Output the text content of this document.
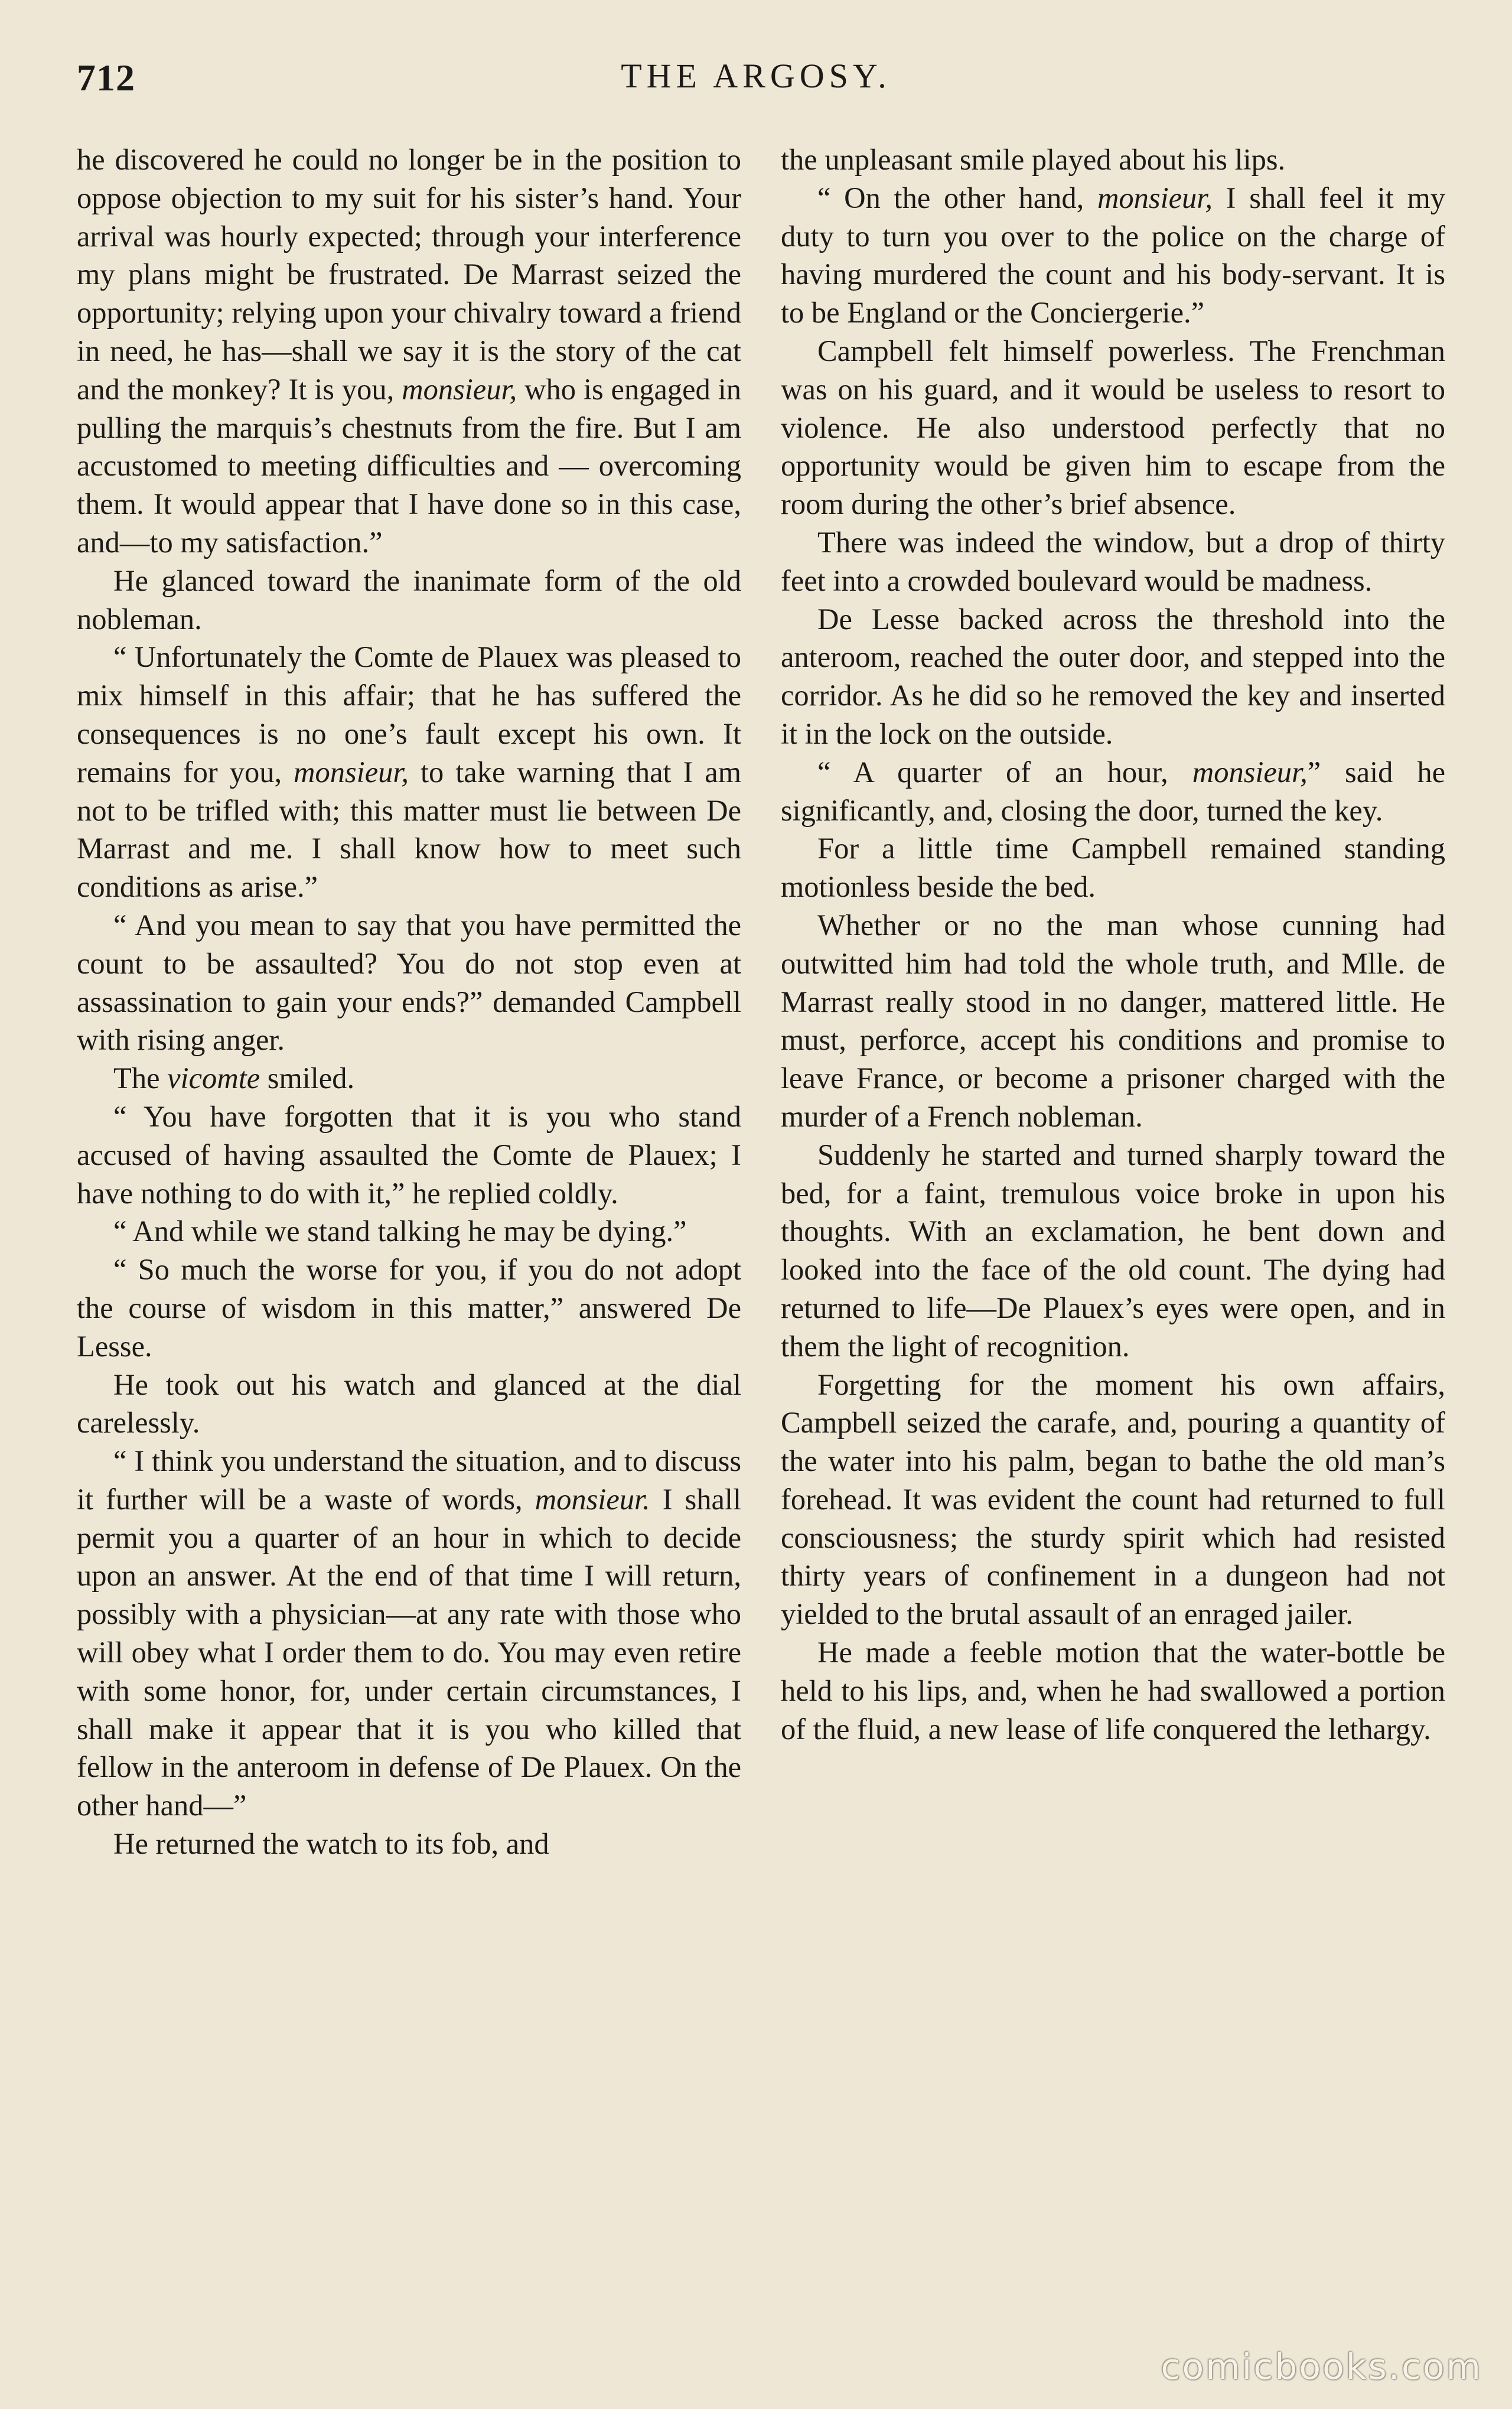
712	THE ARGOSY.

he discovered he could no longer be in the position to oppose objection to my suit for his sister’s hand. Your arrival was hourly expected; through your interference my plans might be frustrated. De Marrast seized the opportunity; relying upon your chivalry toward a friend in need, he has—shall we say it is the story of the cat and the monkey? It is you, monsieur, who is engaged in pulling the marquis’s chestnuts from the fire. But I am accustomed to meeting difficulties and — overcoming them. It would appear that I have done so in this case, and—to my satisfaction.”

He glanced toward the inanimate form of the old nobleman.

“ Unfortunately the Comte de Plauex was pleased to mix himself in this affair; that he has suffered the consequences is no one’s fault except his own. It remains for you, monsieur, to take warning that I am not to be trifled with; this matter must lie between De Marrast and me. I shall know how to meet such conditions as arise.”

“ And you mean to say that you have permitted the count to be assaulted? You do not stop even at assassination to gain your ends?” demanded Campbell with rising anger.

The vicomte smiled.

“ You have forgotten that it is you who stand accused of having assaulted the Comte de Plauex; I have nothing to do with it,” he replied coldly.

“ And while we stand talking he may be dying.”

“ So much the worse for you, if you do not adopt the course of wisdom in this matter,” answered De Lesse.

He took out his watch and glanced at the dial carelessly.

“ I think you understand the situation, and to discuss it further will be a waste of words, monsieur. I shall permit you a quarter of an hour in which to decide upon an answer. At the end of that time I will return, possibly with a physician—at any rate with those who will obey what I order them to do. You may even retire with some honor, for, under certain circumstances, I shall make it appear that it is you who killed that fellow in the anteroom in defense of De Plauex. On the other hand—”

He returned the watch to its fob, and

the unpleasant smile played about his lips.

“ On the other hand, monsieur, I shall feel it my duty to turn you over to the police on the charge of having murdered the count and his body-servant. It is to be England or the Conciergerie.”

Campbell felt himself powerless. The Frenchman was on his guard, and it would be useless to resort to violence. He also understood perfectly that no opportunity would be given him to escape from the room during the other’s brief absence.

There was indeed the window, but a drop of thirty feet into a crowded boulevard would be madness.

De Lesse backed across the threshold into the anteroom, reached the outer door, and stepped into the corridor. As he did so he removed the key and inserted it in the lock on the outside.

“ A quarter of an hour, monsieur,” said he significantly, and, closing the door, turned the key.

For a little time Campbell remained standing motionless beside the bed.

Whether or no the man whose cunning had outwitted him had told the whole truth, and Mlle. de Marrast really stood in no danger, mattered little. He must, perforce, accept his conditions and promise to leave France, or become a prisoner charged with the murder of a French nobleman.

Suddenly he started and turned sharply toward the bed, for a faint, tremulous voice broke in upon his thoughts. With an exclamation, he bent down and looked into the face of the old count. The dying had returned to life—De Plauex’s eyes were open, and in them the light of recognition.

Forgetting for the moment his own affairs, Campbell seized the carafe, and, pouring a quantity of the water into his palm, began to bathe the old man’s forehead. It was evident the count had returned to full consciousness; the sturdy spirit which had resisted thirty years of confinement in a dungeon had not yielded to the brutal assault of an enraged jailer.

He made a feeble motion that the water-bottle be held to his lips, and, when he had swallowed a portion of the fluid, a new lease of life conquered the lethargy.

comicbooks.com
